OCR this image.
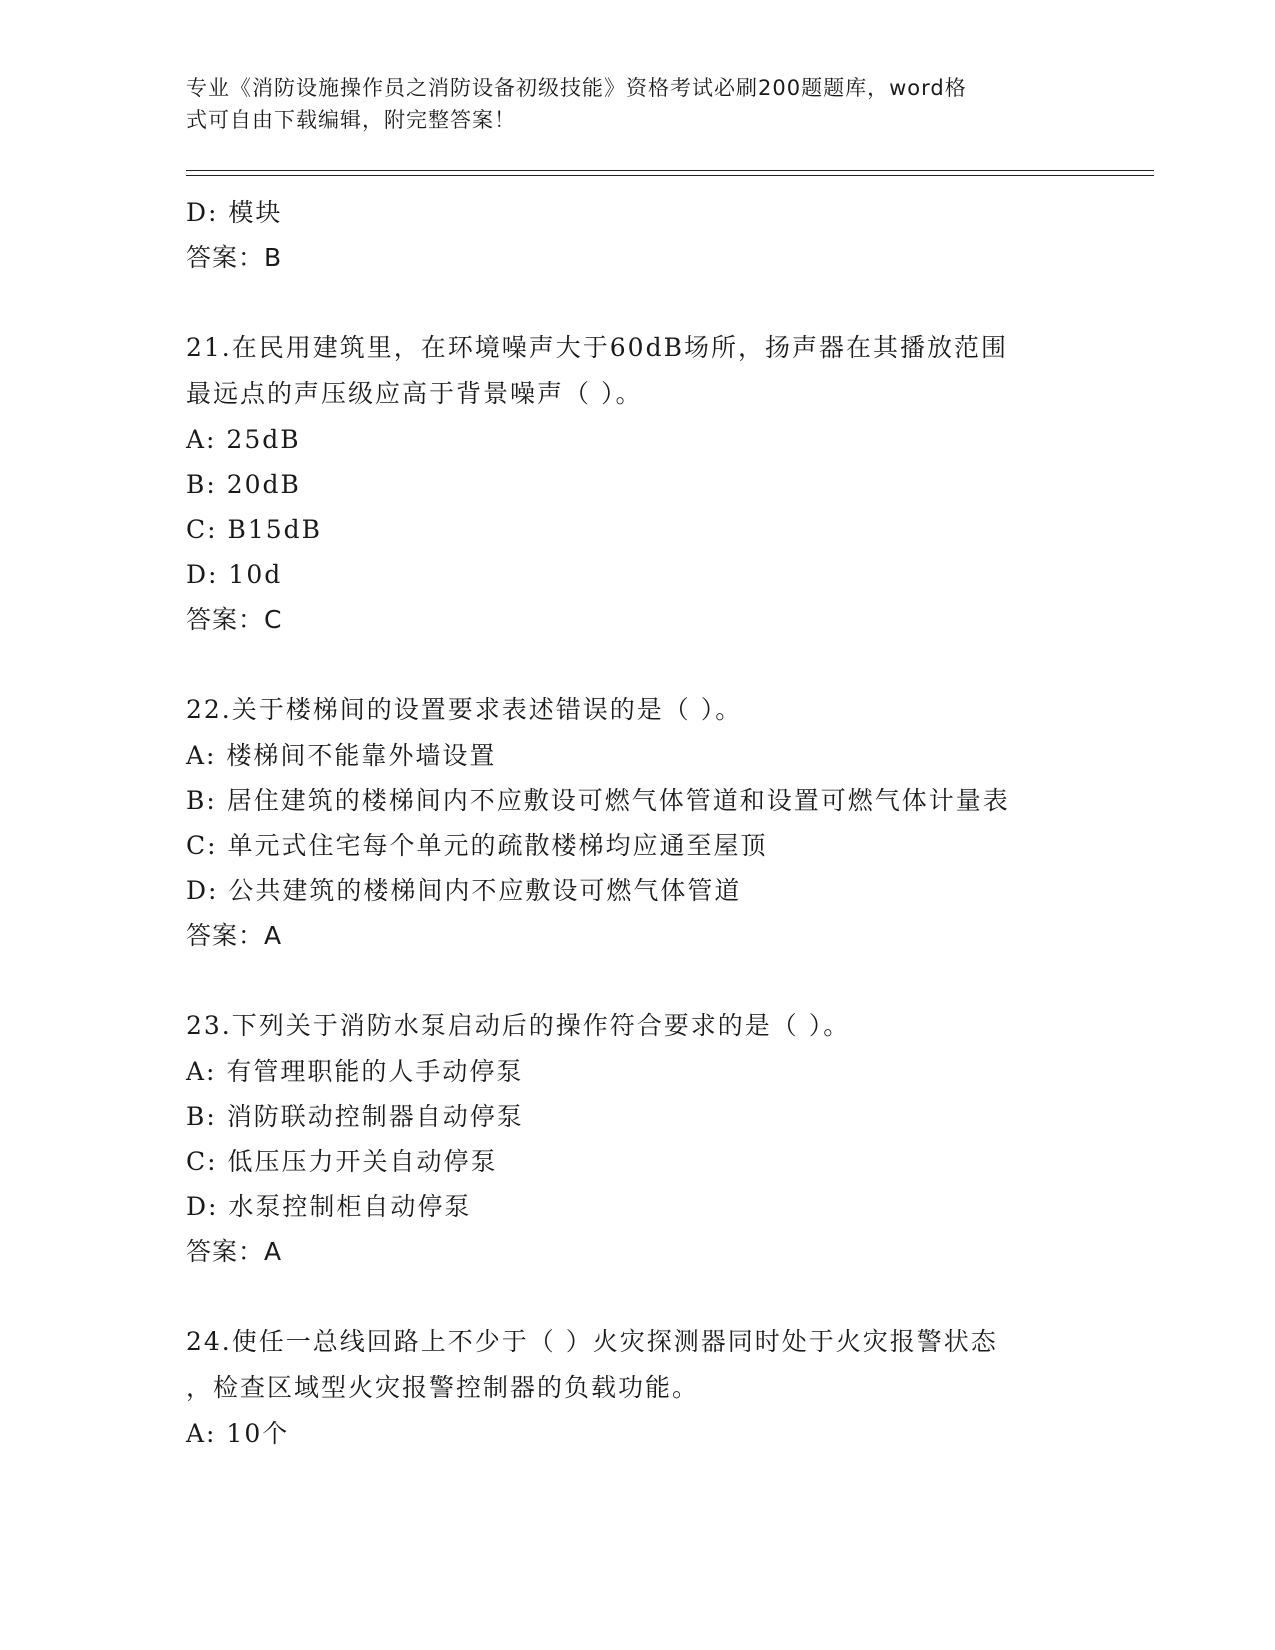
专业《消防设施操作员之消防设备初级技能》资格考试必刷200题题库，word格
式可自由下载编辑，附完整答案！
D: 模块
答案：B
21.在民用建筑里，在环境噪声大于60dB场所，扬声器在其播放范围
最远点的声压级应高于背景噪声（ ）。
A: 25dB
B: 20dB
C: B15dB
D: 10d
答案：C
22.关于楼梯间的设置要求表述错误的是（ ）。
A: 楼梯间不能靠外墙设置
B: 居住建筑的楼梯间内不应敷设可燃气体管道和设置可燃气体计量表
C: 单元式住宅每个单元的疏散楼梯均应通至屋顶
D: 公共建筑的楼梯间内不应敷设可燃气体管道
答案：A
23.下列关于消防水泵启动后的操作符合要求的是（ ）。
A: 有管理职能的人手动停泵
B: 消防联动控制器自动停泵
C: 低压压力开关自动停泵
D: 水泵控制柜自动停泵
答案：A
24.使任一总线回路上不少于（ ）火灾探测器同时处于火灾报警状态
，检查区域型火灾报警控制器的负载功能。
A: 10个
